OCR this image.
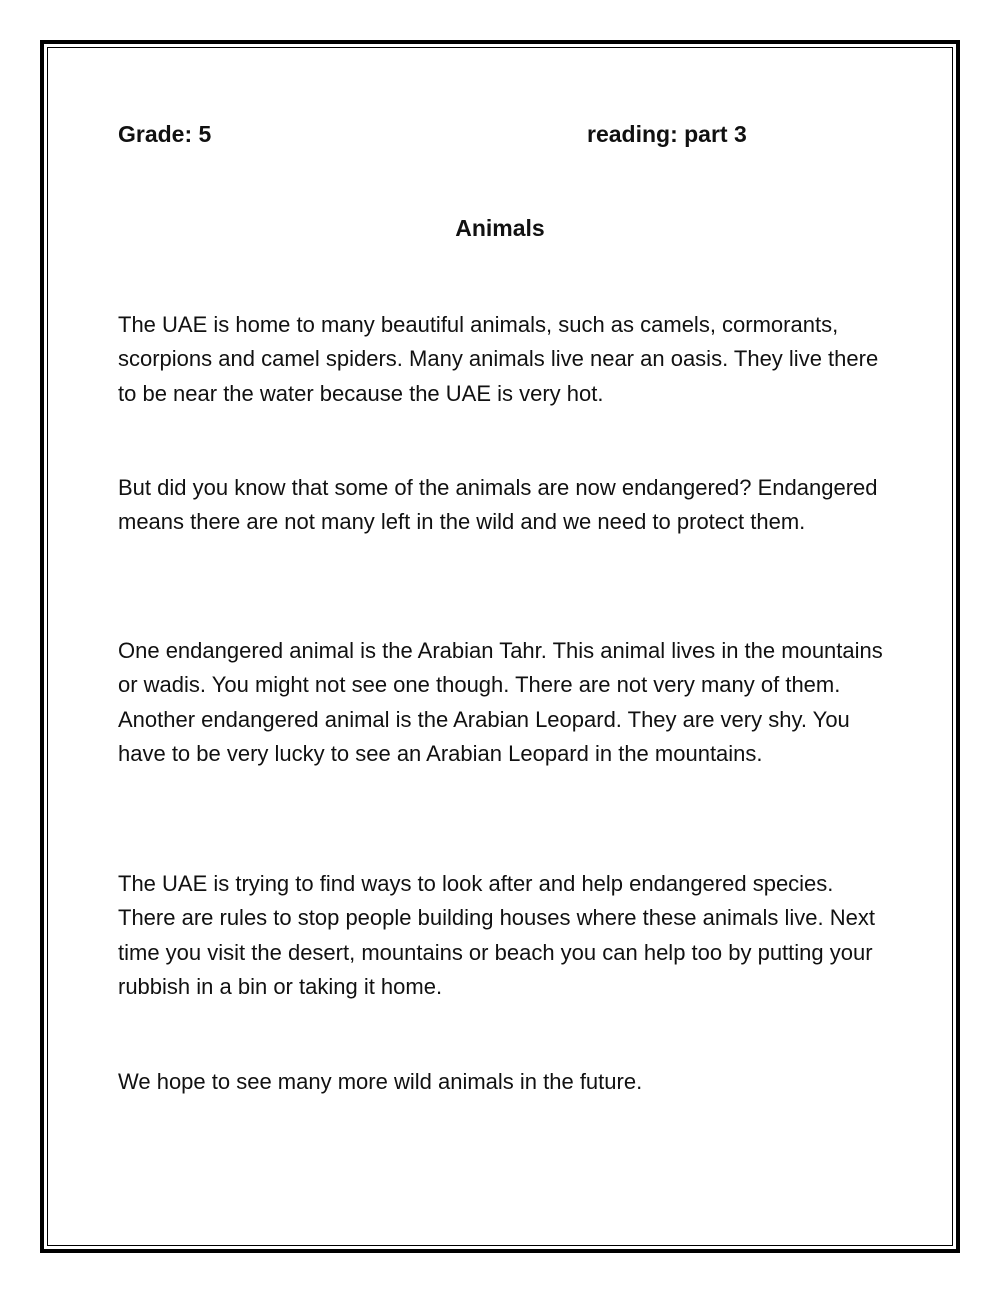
Grade: 5	reading: part 3
Animals

The UAE is home to many beautiful animals, such as camels, cormorants, scorpions and camel spiders. Many animals live near an oasis. They live there to be near the water because the UAE is very hot.

But did you know that some of the animals are now endangered? Endangered means there are not many left in the wild and we need to protect them.

One endangered animal is the Arabian Tahr. This animal lives in the mountains or wadis. You might not see one though. There are not very many of them. Another endangered animal is the Arabian Leopard. They are very shy. You have to be very lucky to see an Arabian Leopard in the mountains.

The UAE is trying to find ways to look after and help endangered species. There are rules to stop people building houses where these animals live. Next time you visit the desert, mountains or beach you can help too by putting your rubbish in a bin or taking it home.

We hope to see many more wild animals in the future.
